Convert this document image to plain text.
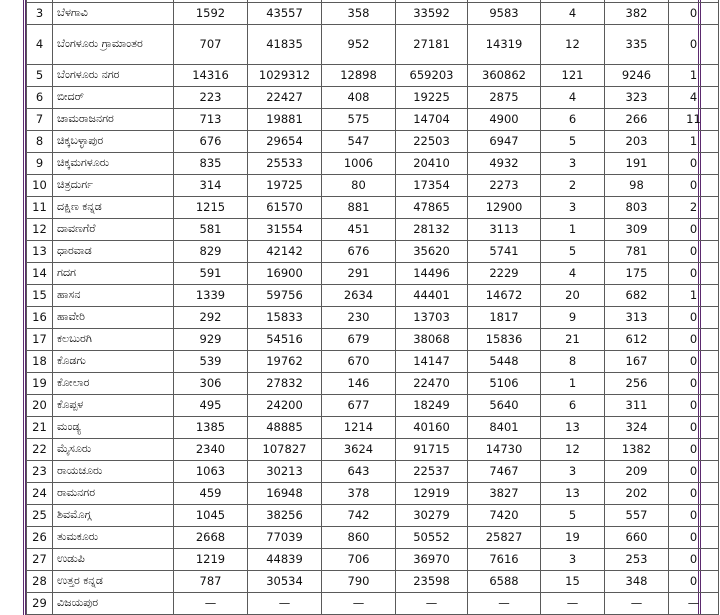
3	ಬೆಳಗಾವಿ	1592	43557	358	33592	9583	4	382	0
4	ಬೆಂಗಳೂರು ಗ್ರಾಮಾಂತರ	707	41835	952	27181	14319	12	335	0
5	ಬೆಂಗಳೂರು ನಗರ	14316	1029312	12898	659203	360862	121	9246	1
6	ಬೀದರ್	223	22427	408	19225	2875	4	323	4
7	ಚಾಮರಾಜನಗರ	713	19881	575	14704	4900	6	266	11
8	ಚಿಕ್ಕಬಳ್ಳಾಪುರ	676	29654	547	22503	6947	5	203	1
9	ಚಿಕ್ಕಮಗಳೂರು	835	25533	1006	20410	4932	3	191	0
10	ಚಿತ್ರದುರ್ಗ	314	19725	80	17354	2273	2	98	0
11	ದಕ್ಷಿಣ ಕನ್ನಡ	1215	61570	881	47865	12900	3	803	2
12	ದಾವಣಗೆರೆ	581	31554	451	28132	3113	1	309	0
13	ಧಾರವಾಡ	829	42142	676	35620	5741	5	781	0
14	ಗದಗ	591	16900	291	14496	2229	4	175	0
15	ಹಾಸನ	1339	59756	2634	44401	14672	20	682	1
16	ಹಾವೇರಿ	292	15833	230	13703	1817	9	313	0
17	ಕಲಬುರಗಿ	929	54516	679	38068	15836	21	612	0
18	ಕೊಡಗು	539	19762	670	14147	5448	8	167	0
19	ಕೋಲಾರ	306	27832	146	22470	5106	1	256	0
20	ಕೊಪ್ಪಳ	495	24200	677	18249	5640	6	311	0
21	ಮಂಡ್ಯ	1385	48885	1214	40160	8401	13	324	0
22	ಮೈಸೂರು	2340	107827	3624	91715	14730	12	1382	0
23	ರಾಯಚೂರು	1063	30213	643	22537	7467	3	209	0
24	ರಾಮನಗರ	459	16948	378	12919	3827	13	202	0
25	ಶಿವಮೊಗ್ಗ	1045	38256	742	30279	7420	5	557	0
26	ತುಮಕೂರು	2668	77039	860	50552	25827	19	660	0
27	ಉಡುಪಿ	1219	44839	706	36970	7616	3	253	0
28	ಉತ್ತರ ಕನ್ನಡ	787	30534	790	23598	6588	15	348	0
29	ವಿಜಯಪುರ	—	—	—	—	—	—	—	—
